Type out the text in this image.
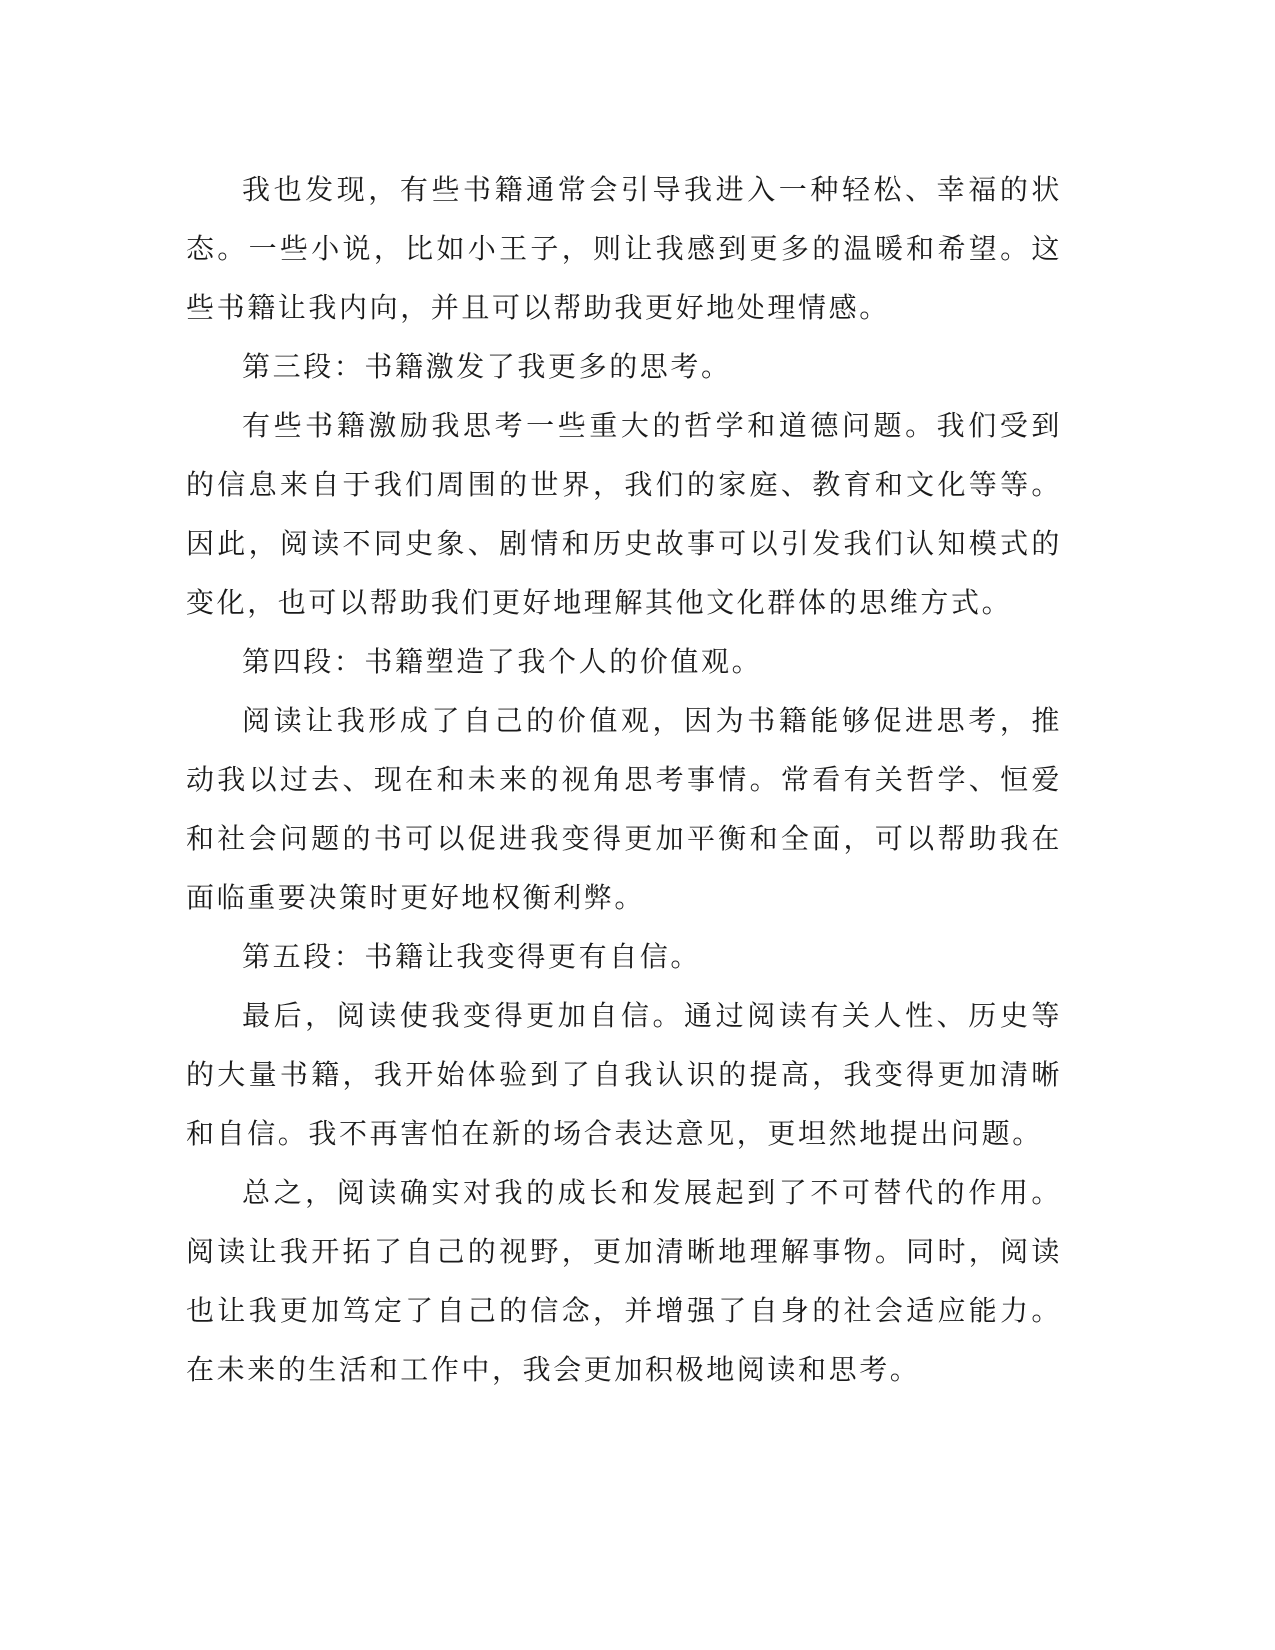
我也发现，有些书籍通常会引导我进入一种轻松、幸福的状态。一些小说，比如小王子，则让我感到更多的温暖和希望。这些书籍让我内向，并且可以帮助我更好地处理情感。

第三段：书籍激发了我更多的思考。

有些书籍激励我思考一些重大的哲学和道德问题。我们受到的信息来自于我们周围的世界，我们的家庭、教育和文化等等。因此，阅读不同史象、剧情和历史故事可以引发我们认知模式的变化，也可以帮助我们更好地理解其他文化群体的思维方式。

第四段：书籍塑造了我个人的价值观。

阅读让我形成了自己的价值观，因为书籍能够促进思考，推动我以过去、现在和未来的视角思考事情。常看有关哲学、恒爱和社会问题的书可以促进我变得更加平衡和全面，可以帮助我在面临重要决策时更好地权衡利弊。

第五段：书籍让我变得更有自信。

最后，阅读使我变得更加自信。通过阅读有关人性、历史等的大量书籍，我开始体验到了自我认识的提高，我变得更加清晰和自信。我不再害怕在新的场合表达意见，更坦然地提出问题。

总之，阅读确实对我的成长和发展起到了不可替代的作用。阅读让我开拓了自己的视野，更加清晰地理解事物。同时，阅读也让我更加笃定了自己的信念，并增强了自身的社会适应能力。在未来的生活和工作中，我会更加积极地阅读和思考。
